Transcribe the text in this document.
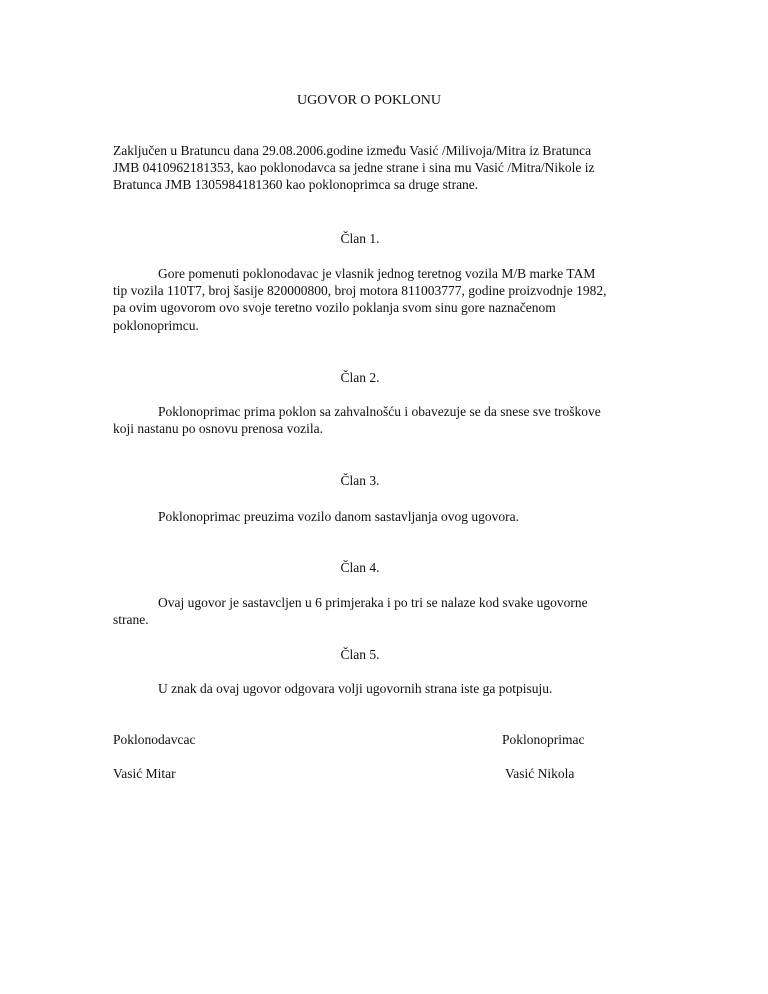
UGOVOR O POKLONU
Zaključen u Bratuncu dana 29.08.2006.godine između Vasić /Milivoja/Mitra iz Bratunca
JMB 0410962181353, kao poklonodavca sa jedne strane i sina mu Vasić /Mitra/Nikole iz
Bratunca JMB 1305984181360 kao poklonoprimca sa druge strane.
Član 1.
Gore pomenuti poklonodavac je vlasnik jednog teretnog vozila M/B marke TAM
tip vozila 110T7, broj šasije 820000800, broj motora 811003777, godine proizvodnje 1982,
pa ovim ugovorom ovo svoje teretno vozilo poklanja svom sinu gore naznačenom
poklonoprimcu.
Član 2.
Poklonoprimac prima poklon sa zahvalnošću i obavezuje se da snese sve troškove
koji nastanu po osnovu prenosa vozila.
Član 3.
Poklonoprimac preuzima vozilo danom sastavljanja ovog ugovora.
Član 4.
Ovaj ugovor je sastavcljen u 6 primjeraka i po tri se nalaze kod svake ugovorne
strane.
Član 5.
U znak da ovaj ugovor odgovara volji ugovornih strana iste ga potpisuju.
Poklonodavcac	Poklonoprimac
Vasić Mitar	Vasić Nikola
